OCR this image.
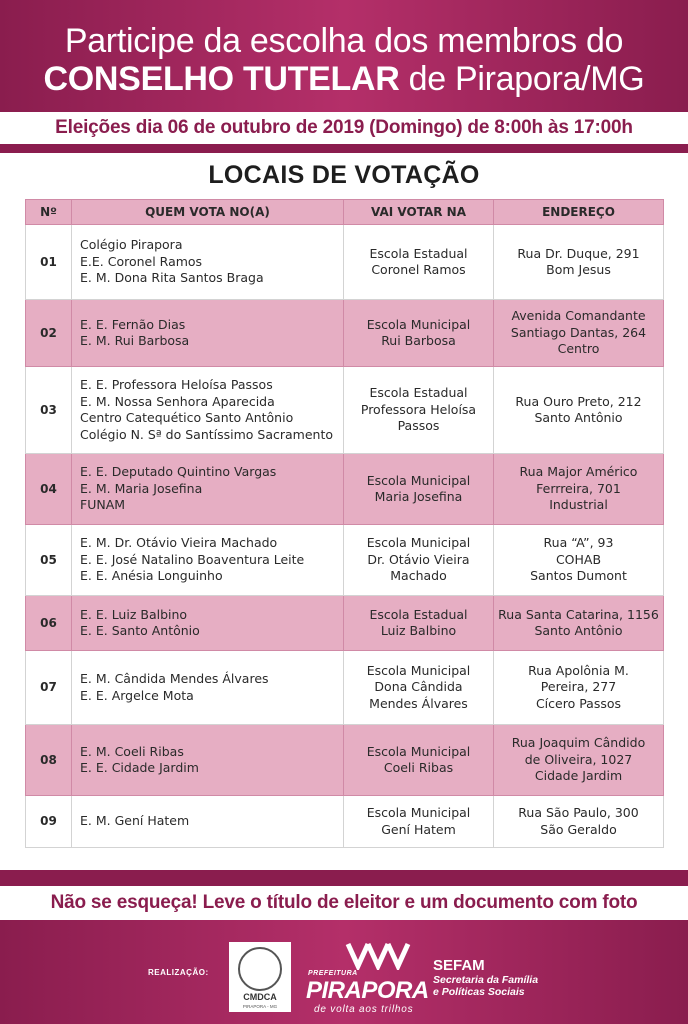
Participe da escolha dos membros do
CONSELHO TUTELAR de Pirapora/MG
Eleições dia 06 de outubro de 2019 (Domingo) de 8:00h às 17:00h
LOCAIS DE VOTAÇÃO
Nº	QUEM VOTA NO(A)	VAI VOTAR NA	ENDEREÇO
01	Colégio Pirapora
E.E. Coronel Ramos
E. M. Dona Rita Santos Braga	Escola Estadual
Coronel Ramos	Rua Dr. Duque, 291
Bom Jesus

02	E. E. Fernão Dias
E. M. Rui Barbosa	Escola Municipal
Rui Barbosa	Avenida Comandante
Santiago Dantas, 264
Centro

03	E. E. Professora Heloísa Passos
E. M. Nossa Senhora Aparecida
Centro Catequético Santo Antônio
Colégio N. Sª do Santíssimo Sacramento	Escola Estadual
Professora Heloísa
Passos	Rua Ouro Preto, 212
Santo Antônio

04	E. E. Deputado Quintino Vargas
E. M. Maria Josefina
FUNAM	Escola Municipal
Maria Josefina	Rua Major Américo
Ferrreira, 701
Industrial

05	E. M. Dr. Otávio Vieira Machado
E. E. José Natalino Boaventura Leite
E. E. Anésia Longuinho	Escola Municipal
Dr. Otávio Vieira
Machado	Rua “A”, 93
COHAB
Santos Dumont

06	E. E. Luiz Balbino
E. E. Santo Antônio	Escola Estadual
Luiz Balbino	Rua Santa Catarina, 1156
Santo Antônio

07	E. M. Cândida Mendes Álvares
E. E. Argelce Mota	Escola Municipal
Dona Cândida
Mendes Álvares	Rua Apolônia M.
Pereira, 277
Cícero Passos

08	E. M. Coeli Ribas
E. E. Cidade Jardim	Escola Municipal
Coeli Ribas	Rua Joaquim Cândido
de Oliveira, 1027
Cidade Jardim

09	E. M. Gení Hatem	Escola Municipal
Gení Hatem	Rua São Paulo, 300
São Geraldo
Não se esqueça! Leve o título de eleitor e um documento com foto
REALIZAÇÃO:
CMDCA
PIRAPORA - MG
PREFEITURA
PIRAPORA
de volta aos trilhos
SEFAM
Secretaria da Família
e Políticas Sociais
